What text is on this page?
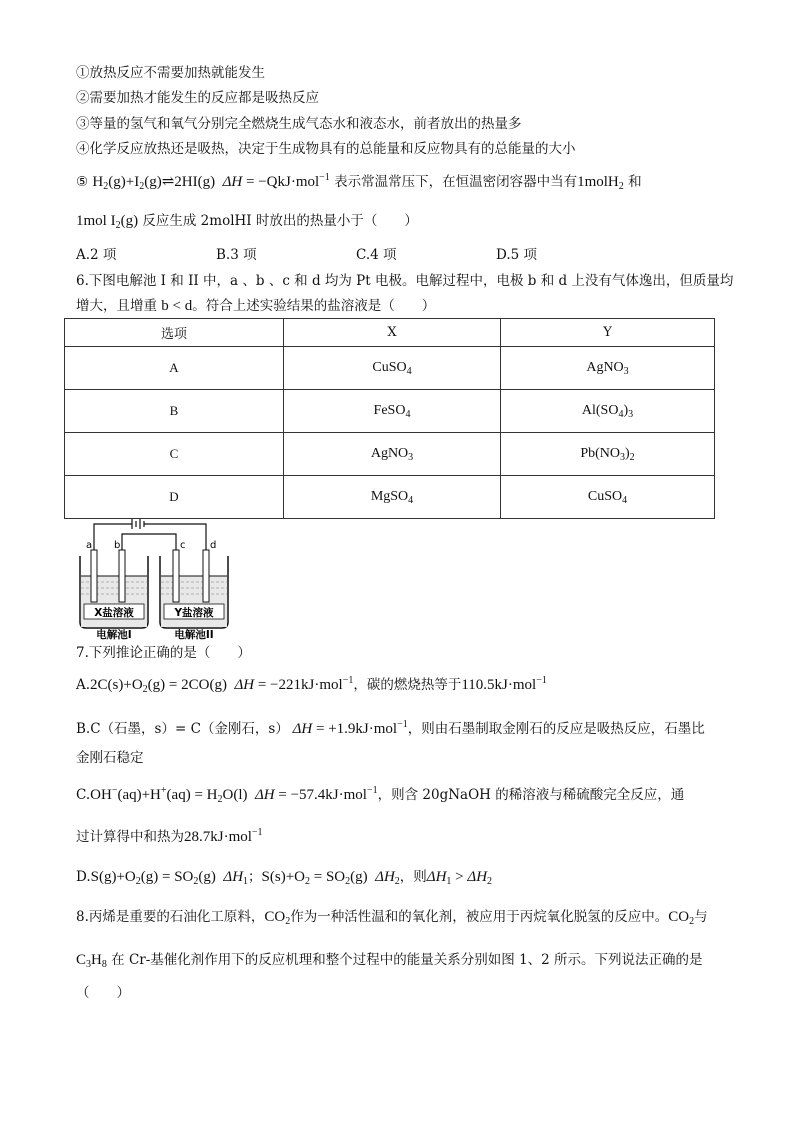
①放热反应不需要加热就能发生
②需要加热才能发生的反应都是吸热反应
③等量的氢气和氧气分别完全燃烧生成气态水和液态水，前者放出的热量多
④化学反应放热还是吸热，决定于生成物具有的总能量和反应物具有的总能量的大小
⑤ $H_2(g)+I_2(g)\rightleftharpoons 2HI(g) \Delta H = -QkJ\cdot mol^{-1}$ 表示常温常压下，在恒温密闭容器中当有1molH$_2$ 和
1mol $I_2(g)$ 反应生成 2molHI 时放出的热量小于（　　）
A.2 项	B.3 项	C.4 项	D.5 项
6.下图电解池 I 和 II 中，a 、b 、c 和 d 均为 Pt 电极。电解过程中，电极 b 和 d 上没有气体逸出，但质量均
增大，且增重 b < d。符合上述实验结果的盐溶液是（　　）
选项	X	Y
A	CuSO$_4$	AgNO$_3$
B	FeSO$_4$	$Al(SO_4)_3$
C	AgNO$_3$	$Pb(NO_3)_2$
D	MgSO$_4$	CuSO$_4$
a b	c d
X盐溶液	Y盐溶液
电解池I	电解池II
7.下列推论正确的是（　　）
$A.2C(s)+O_2(g) = 2CO(g) \Delta H = -221kJ\cdot mol^{-1}$，碳的燃烧热等于110.5kJ·mol$^{-1}$
B.C（石墨，s）= C（金刚石，s） ΔH = +1.9kJ·mol$^{-1}$，则由石墨制取金刚石的反应是吸热反应，石墨比
金刚石稳定
$C.OH^-(aq)+H^+(aq) = H_2O(l) \Delta H = -57.4kJ\cdot mol^{-1}$，则含 20gNaOH 的稀溶液与稀硫酸完全反应，通
过计算得中和热为28.7kJ·mol$^{-1}$
$D.S(g)+O_2(g) = SO_2(g)$  $\Delta H_1$；$S(s)+O_2 = SO_2(g)$  $\Delta H_2$，则$\Delta H_1 > \Delta H_2$
8.丙烯是重要的石油化工原料，$CO_2$作为一种活性温和的氧化剂，被应用于丙烷氧化脱氢的反应中。$CO_2$与
$C_3H_8$ 在 Cr-基催化剂作用下的反应机理和整个过程中的能量关系分别如图 1、2 所示。下列说法正确的是
（　　）
